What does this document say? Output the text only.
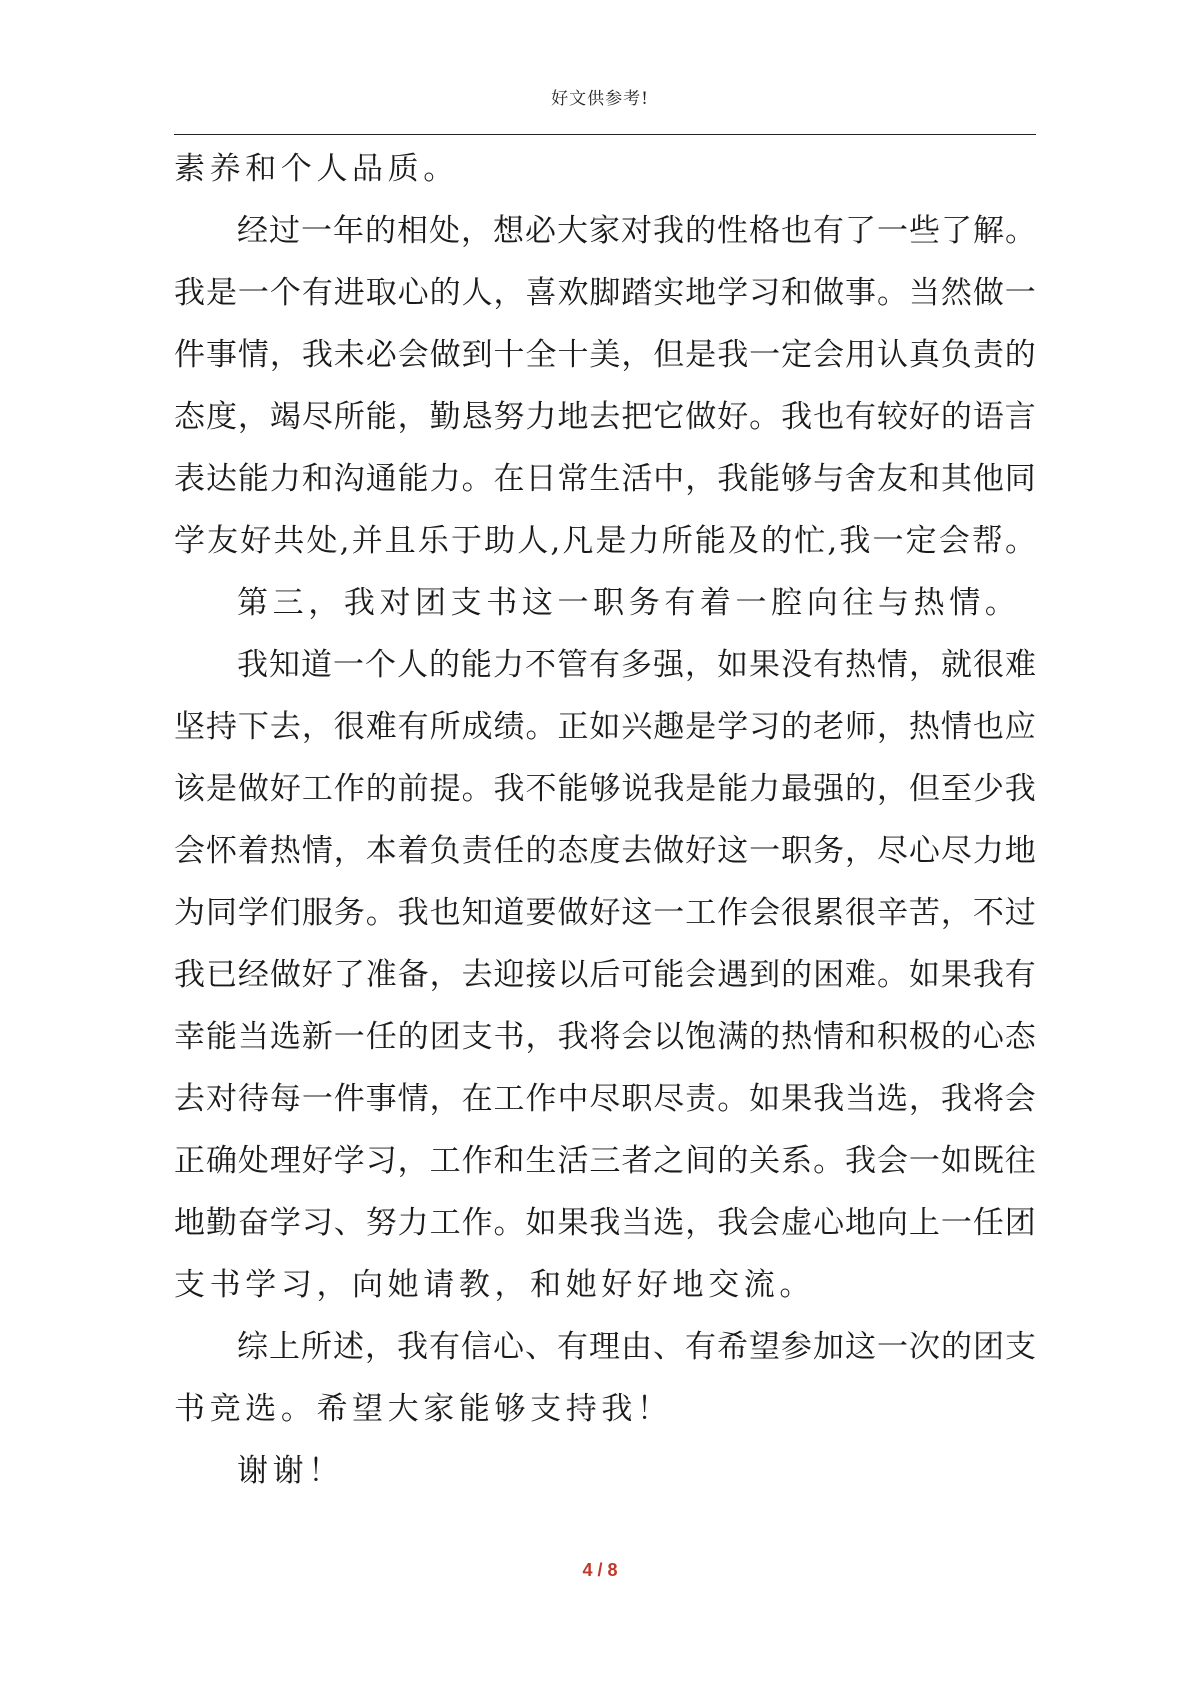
好文供参考!
素 养 和 个 人 品 质 。
经 过 一 年 的 相 处 ， 想 必 大 家 对 我 的 性 格 也 有 了 一 些 了 解 。
我 是 一 个 有 进 取 心 的 人 ， 喜 欢 脚 踏 实 地 学 习 和 做 事 。 当 然 做 一
件 事 情 ， 我 未 必 会 做 到 十 全 十 美 ， 但 是 我 一 定 会 用 认 真 负 责 的
态 度 ， 竭 尽 所 能 ， 勤 恳 努 力 地 去 把 它 做 好 。 我 也 有 较 好 的 语 言
表 达 能 力 和 沟 通 能 力 。 在 日 常 生 活 中 ， 我 能 够 与 舍 友 和 其 他 同
学 友 好 共 处 , 并 且 乐 于 助 人 , 凡 是 力 所 能 及 的 忙 , 我 一 定 会 帮 。
第 三 ， 我 对 团 支 书 这 一 职 务 有 着 一 腔 向 往 与 热 情 。
我 知 道 一 个 人 的 能 力 不 管 有 多 强 ， 如 果 没 有 热 情 ， 就 很 难
坚 持 下 去 ， 很 难 有 所 成 绩 。 正 如 兴 趣 是 学 习 的 老 师 ， 热 情 也 应
该 是 做 好 工 作 的 前 提 。 我 不 能 够 说 我 是 能 力 最 强 的 ， 但 至 少 我
会 怀 着 热 情 ， 本 着 负 责 任 的 态 度 去 做 好 这 一 职 务 ， 尽 心 尽 力 地
为 同 学 们 服 务 。 我 也 知 道 要 做 好 这 一 工 作 会 很 累 很 辛 苦 ， 不 过
我 已 经 做 好 了 准 备 ， 去 迎 接 以 后 可 能 会 遇 到 的 困 难 。 如 果 我 有
幸 能 当 选 新 一 任 的 团 支 书 ， 我 将 会 以 饱 满 的 热 情 和 积 极 的 心 态
去 对 待 每 一 件 事 情 ， 在 工 作 中 尽 职 尽 责 。 如 果 我 当 选 ， 我 将 会
正 确 处 理 好 学 习 ， 工 作 和 生 活 三 者 之 间 的 关 系 。 我 会 一 如 既 往
地 勤 奋 学 习 、 努 力 工 作 。 如 果 我 当 选 ， 我 会 虚 心 地 向 上 一 任 团
支 书 学 习 ， 向 她 请 教 ， 和 她 好 好 地 交 流 。
综 上 所 述 ， 我 有 信 心 、 有 理 由 、 有 希 望 参 加 这 一 次 的 团 支
书 竞 选 。 希 望 大 家 能 够 支 持 我 ！
谢 谢 ！
4 / 8
